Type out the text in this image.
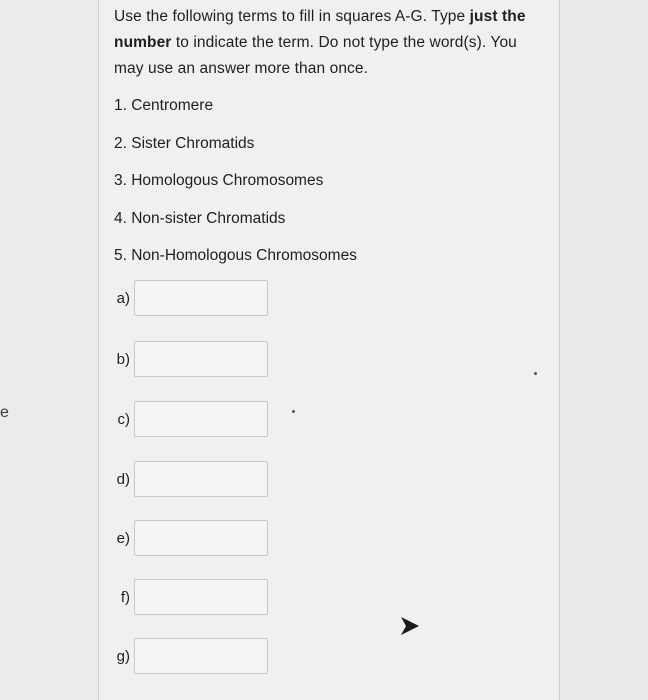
e
Use the following terms to fill in squares A-G. Type just the number to indicate the term. Do not type the word(s). You may use an answer more than once.
1. Centromere
2. Sister Chromatids
3. Homologous Chromosomes
4. Non-sister Chromatids
5. Non-Homologous Chromosomes
a)
b)
c)
d)
e)
f)
g)
